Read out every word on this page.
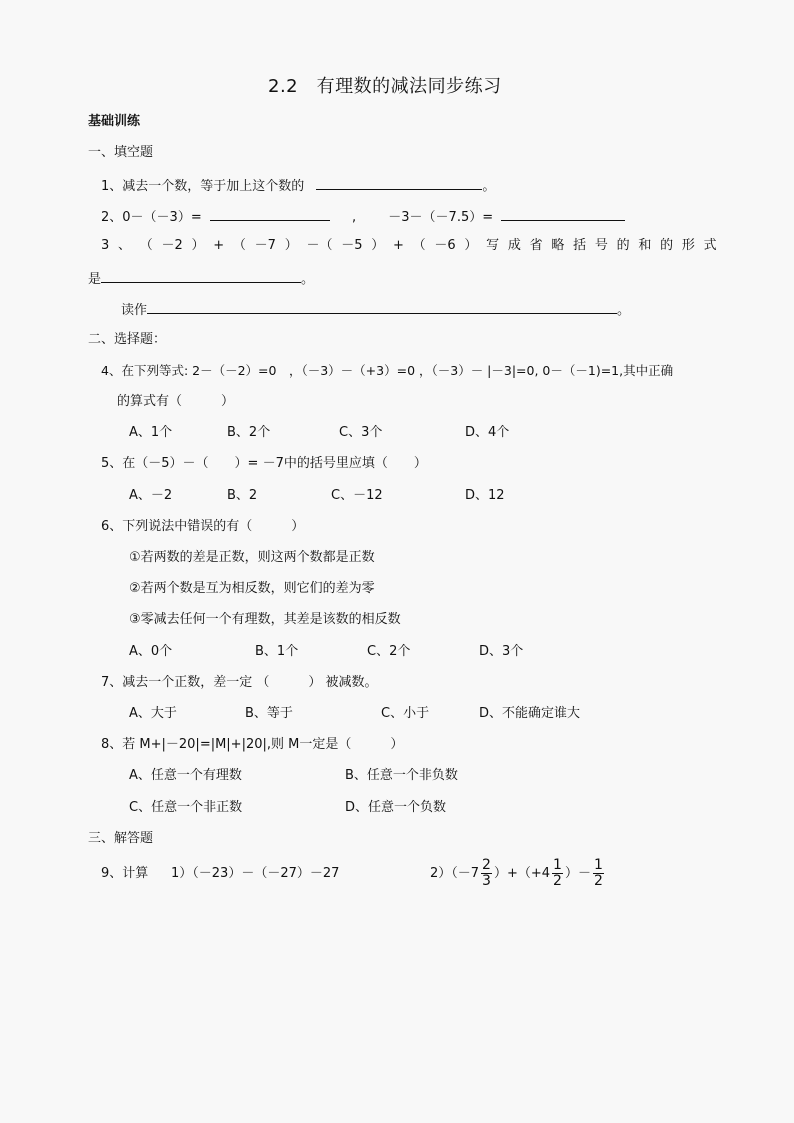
2.2　有理数的减法同步练习
基础训练
一、填空题
1、减去一个数，等于加上这个数的	。
2、0－（－3）=	, －3－（－7.5）=
3 、 （ －2 ） + （ －7 ） －（ －5 ） + （ －6 ） 写 成 省 略 括 号 的 和 的 形 式
是	。
读作	。
二、选择题：
4、在下列等式: 2－（－2）=0　，（－3）－（+3）=0 ，（－3）－ |－3|=0, 0－（－1)=1,其中正确
的算式有（　　　）
A、1个	B、2个	C、3个	D、4个
5、在（－5）－（　　）= －7中的括号里应填（　　）
A、－2	B、2	C、－12	D、12
6、下列说法中错误的有（　　　）
①若两数的差是正数，则这两个数都是正数
②若两个数是互为相反数，则它们的差为零
③零减去任何一个有理数，其差是该数的相反数
A、0个	B、1个	C、2个	D、3个
7、减去一个正数，差一定 （　　　） 被减数。
A、大于	B、等于	C、小于	D、不能确定谁大
8、若 M+|－20|=|M|+|20|,则 M一定是（　　　）
A、任意一个有理数	B、任意一个非负数
C、任意一个非正数	D、任意一个负数
三、解答题
9、计算 1）（－23）－（－27）－27	$2)(-7 \frac{2}{3} )+(+4 \frac{1}{2}$ ）－ $\frac{1}{2}$
